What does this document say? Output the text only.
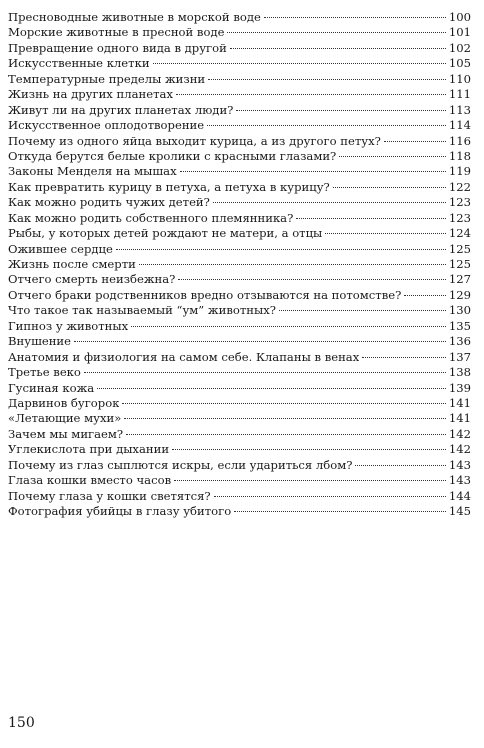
Пресноводные животные в морской воде	100
Морские животные в пресной воде	101
Превращение одного вида в другой	102
Искусственные клетки	105
Температурные пределы жизни	110
Жизнь на других планетах	111
Живут ли на других планетах люди?	113
Искусственное оплодотворение	114
Почему из одного яйца выходит курица, а из другого петух?	116
Откуда берутся белые кролики с красными глазами?	118
Законы Менделя на мышах	119
Как превратить курицу в петуха, а петуха в курицу?	122
Как можно родить чужих детей?	123
Как можно родить собственного племянника?	123
Рыбы, у которых детей рождают не матери, а отцы	124
Ожившее сердце	125
Жизнь после смерти	125
Отчего смерть неизбежна?	127
Отчего браки родственников вредно отзываются на потомстве?	129
Что такое так называемый “ум” животных?	130
Гипноз у животных	135
Внушение	136
Анатомия и физиология на самом себе. Клапаны в венах	137
Третье веко	138
Гусиная кожа	139
Дарвинов бугорок	141
«Летающие мухи»	141
Зачем мы мигаем?	142
Углекислота при дыхании	142
Почему из глаз сыплются искры, если удариться лбом?	143
Глаза кошки вместо часов	143
Почему глаза у кошки светятся?	144
Фотография убийцы в глазу убитого	145
150
